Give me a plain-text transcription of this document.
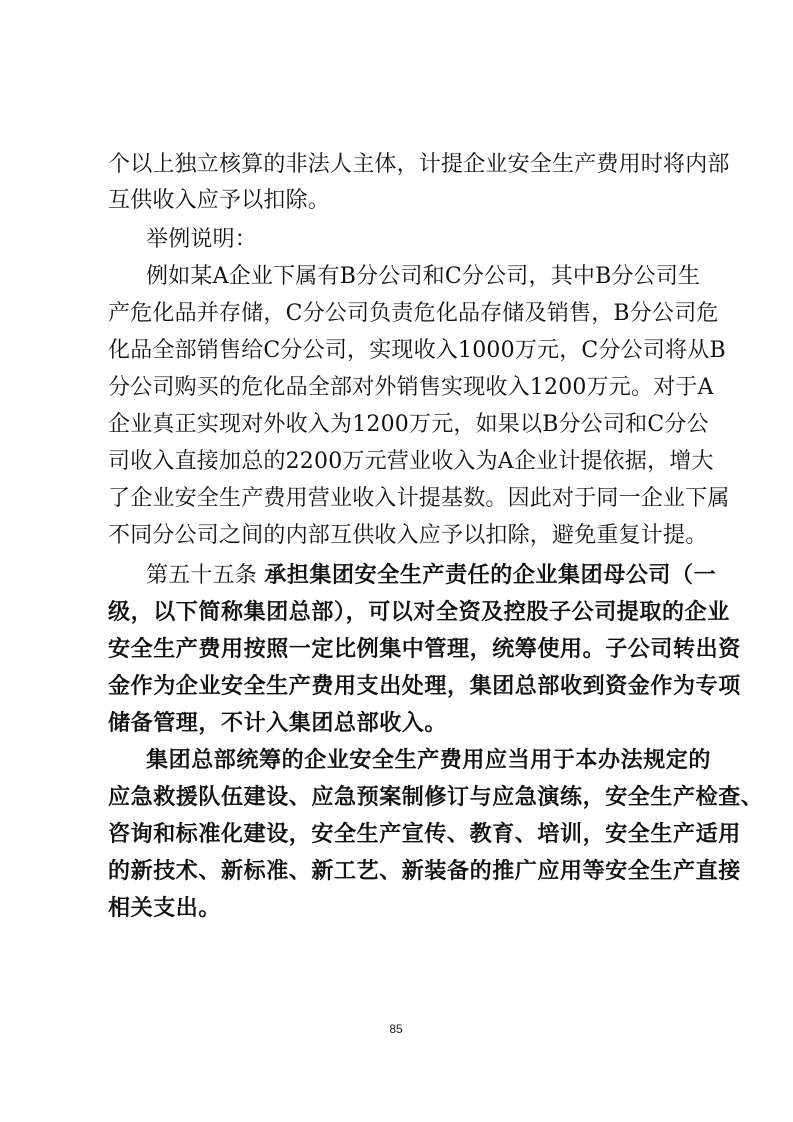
个以上独立核算的非法人主体，计提企业安全生产费用时将内部
互供收入应予以扣除。
举例说明：
例如某A企业下属有B分公司和C分公司，其中B分公司生
产危化品并存储，C分公司负责危化品存储及销售，B分公司危
化品全部销售给C分公司，实现收入1000万元，C分公司将从B
分公司购买的危化品全部对外销售实现收入1200万元。对于A
企业真正实现对外收入为1200万元，如果以B分公司和C分公
司收入直接加总的2200万元营业收入为A企业计提依据，增大
了企业安全生产费用营业收入计提基数。因此对于同一企业下属
不同分公司之间的内部互供收入应予以扣除，避免重复计提。
第五十五条 承担集团安全生产责任的企业集团母公司（一
级，以下简称集团总部），可以对全资及控股子公司提取的企业
安全生产费用按照一定比例集中管理，统筹使用。子公司转出资
金作为企业安全生产费用支出处理，集团总部收到资金作为专项
储备管理，不计入集团总部收入。
集团总部统筹的企业安全生产费用应当用于本办法规定的
应急救援队伍建设、应急预案制修订与应急演练，安全生产检查、
咨询和标准化建设，安全生产宣传、教育、培训，安全生产适用
的新技术、新标准、新工艺、新装备的推广应用等安全生产直接
相关支出。
85
